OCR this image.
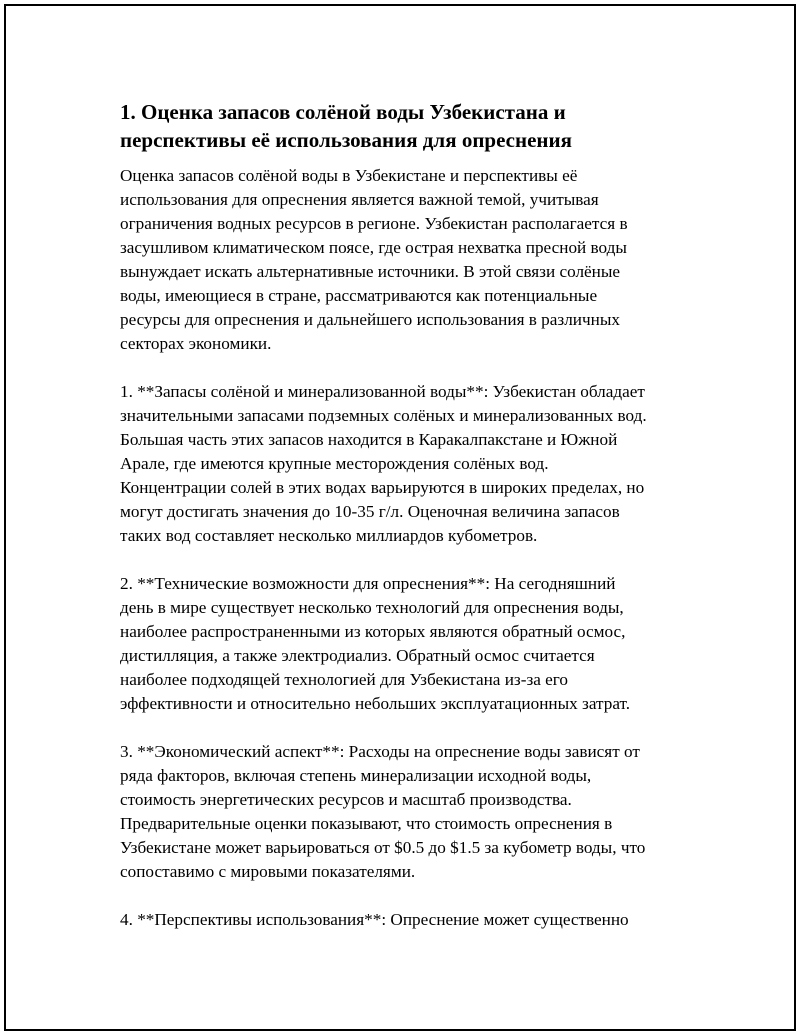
1. Оценка запасов солёной воды Узбекистана и
перспективы её использования для опреснения

Оценка запасов солёной воды в Узбекистане и перспективы её
использования для опреснения является важной темой, учитывая
ограничения водных ресурсов в регионе. Узбекистан располагается в
засушливом климатическом поясе, где острая нехватка пресной воды
вынуждает искать альтернативные источники. В этой связи солёные
воды, имеющиеся в стране, рассматриваются как потенциальные
ресурсы для опреснения и дальнейшего использования в различных
секторах экономики.

1. **Запасы солёной и минерализованной воды**: Узбекистан обладает
значительными запасами подземных солёных и минерализованных вод.
Большая часть этих запасов находится в Каракалпакстане и Южной
Арале, где имеются крупные месторождения солёных вод.
Концентрации солей в этих водах варьируются в широких пределах, но
могут достигать значения до 10-35 г/л. Оценочная величина запасов
таких вод составляет несколько миллиардов кубометров.

2. **Технические возможности для опреснения**: На сегодняшний
день в мире существует несколько технологий для опреснения воды,
наиболее распространенными из которых являются обратный осмос,
дистилляция, а также электродиализ. Обратный осмос считается
наиболее подходящей технологией для Узбекистана из-за его
эффективности и относительно небольших эксплуатационных затрат.

3. **Экономический аспект**: Расходы на опреснение воды зависят от
ряда факторов, включая степень минерализации исходной воды,
стоимость энергетических ресурсов и масштаб производства.
Предварительные оценки показывают, что стоимость опреснения в
Узбекистане может варьироваться от $0.5 до $1.5 за кубометр воды, что
сопоставимо с мировыми показателями.

4. **Перспективы использования**: Опреснение может существенно
